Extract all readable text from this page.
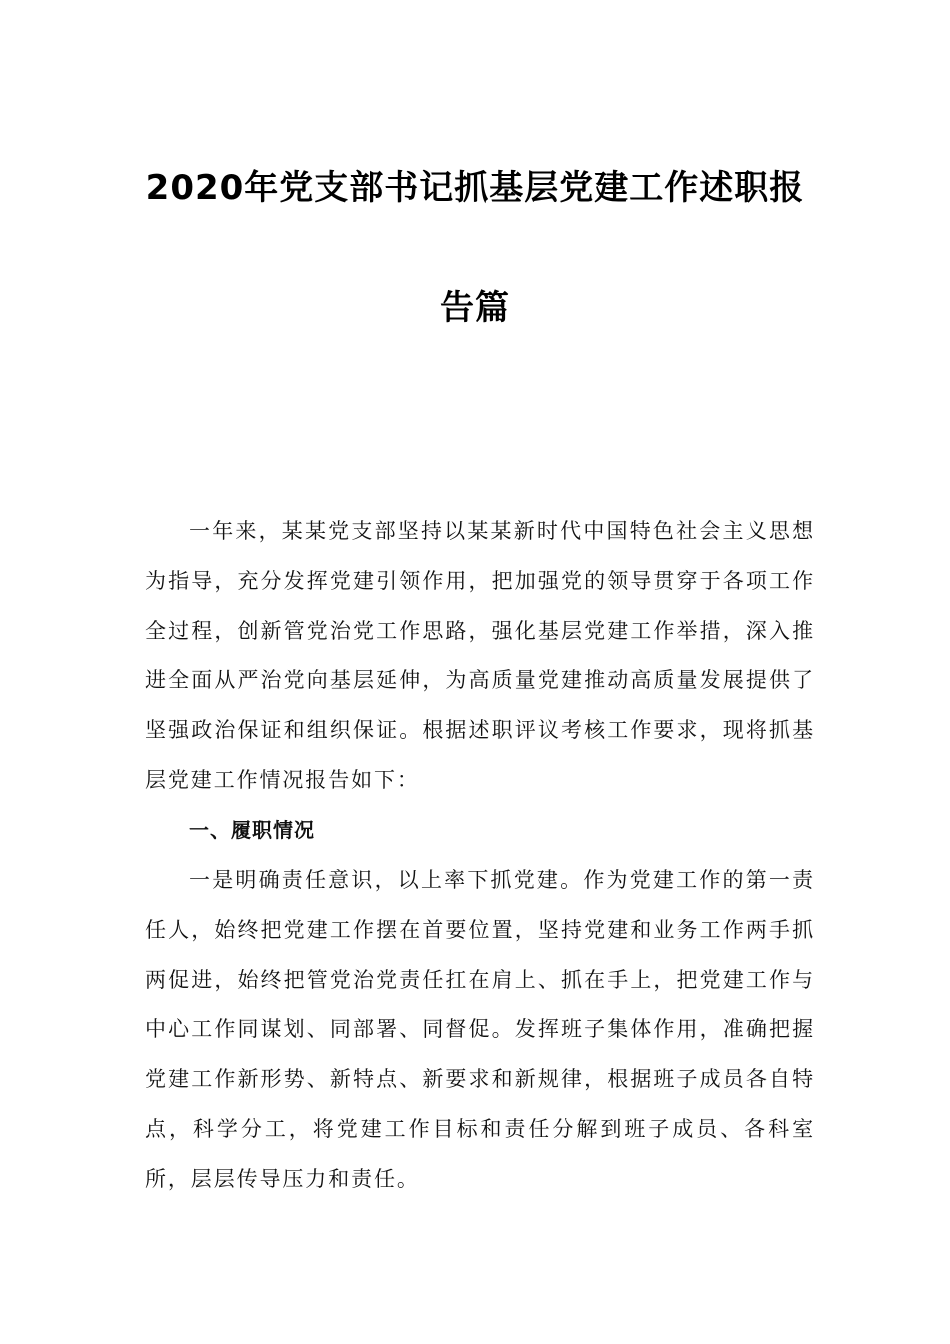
2020年党支部书记抓基层党建工作述职报
告篇

一年来，某某党支部坚持以某某新时代中国特色社会主义思想为指导，充分发挥党建引领作用，把加强党的领导贯穿于各项工作全过程，创新管党治党工作思路，强化基层党建工作举措，深入推进全面从严治党向基层延伸，为高质量党建推动高质量发展提供了坚强政治保证和组织保证。根据述职评议考核工作要求，现将抓基层党建工作情况报告如下：

一、履职情况

一是明确责任意识，以上率下抓党建。作为党建工作的第一责任人，始终把党建工作摆在首要位置，坚持党建和业务工作两手抓两促进，始终把管党治党责任扛在肩上、抓在手上，把党建工作与中心工作同谋划、同部署、同督促。发挥班子集体作用，准确把握党建工作新形势、新特点、新要求和新规律，根据班子成员各自特点，科学分工，将党建工作目标和责任分解到班子成员、各科室所，层层传导压力和责任。
